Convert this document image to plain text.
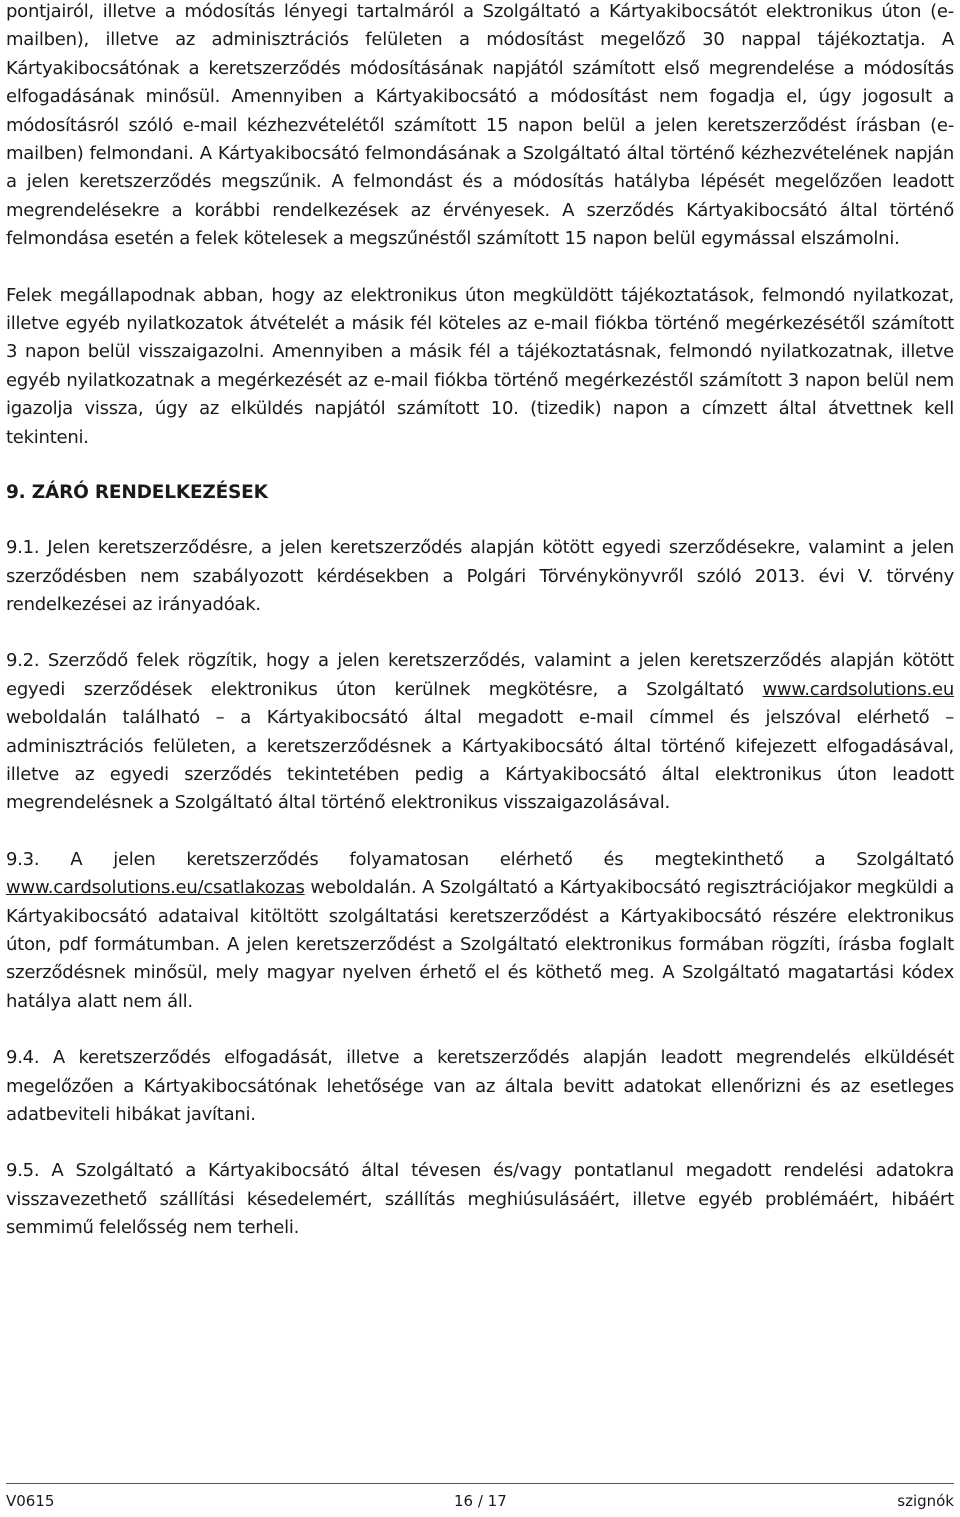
pontjairól, illetve a módosítás lényegi tartalmáról a Szolgáltató a Kártyakibocsátót elektronikus úton (e-mailben), illetve az adminisztrációs felületen a módosítást megelőző 30 nappal tájékoztatja. A Kártyakibocsátónak a keretszerződés módosításának napjától számított első megrendelése a módosítás elfogadásának minősül. Amennyiben a Kártyakibocsátó a módosítást nem fogadja el, úgy jogosult a módosításról szóló e-mail kézhezvételétől számított 15 napon belül a jelen keretszerződést írásban (e-mailben) felmondani. A Kártyakibocsátó felmondásának a Szolgáltató által történő kézhezvételének napján a jelen keretszerződés megszűnik. A felmondást és a módosítás hatályba lépését megelőzően leadott megrendelésekre a korábbi rendelkezések az érvényesek. A szerződés Kártyakibocsátó által történő felmondása esetén a felek kötelesek a megszűnéstől számított 15 napon belül egymással elszámolni.

Felek megállapodnak abban, hogy az elektronikus úton megküldött tájékoztatások, felmondó nyilatkozat, illetve egyéb nyilatkozatok átvételét a másik fél köteles az e-mail fiókba történő megérkezésétől számított 3 napon belül visszaigazolni. Amennyiben a másik fél a tájékoztatásnak, felmondó nyilatkozatnak, illetve egyéb nyilatkozatnak a megérkezését az e-mail fiókba történő megérkezéstől számított 3 napon belül nem igazolja vissza, úgy az elküldés napjától számított 10. (tizedik) napon a címzett által átvettnek kell tekinteni.

9. ZÁRÓ RENDELKEZÉSEK

9.1. Jelen keretszerződésre, a jelen keretszerződés alapján kötött egyedi szerződésekre, valamint a jelen szerződésben nem szabályozott kérdésekben a Polgári Törvénykönyvről szóló 2013. évi V. törvény rendelkezései az irányadóak.

9.2. Szerződő felek rögzítik, hogy a jelen keretszerződés, valamint a jelen keretszerződés alapján kötött egyedi szerződések elektronikus úton kerülnek megkötésre, a Szolgáltató www.cardsolutions.eu weboldalán található – a Kártyakibocsátó által megadott e-mail címmel és jelszóval elérhető – adminisztrációs felületen, a keretszerződésnek a Kártyakibocsátó által történő kifejezett elfogadásával, illetve az egyedi szerződés tekintetében pedig a Kártyakibocsátó által elektronikus úton leadott megrendelésnek a Szolgáltató által történő elektronikus visszaigazolásával.

9.3. A jelen keretszerződés folyamatosan elérhető és megtekinthető a Szolgáltató www.cardsolutions.eu/csatlakozas weboldalán. A Szolgáltató a Kártyakibocsátó regisztrációjakor megküldi a Kártyakibocsátó adataival kitöltött szolgáltatási keretszerződést a Kártyakibocsátó részére elektronikus úton, pdf formátumban. A jelen keretszerződést a Szolgáltató elektronikus formában rögzíti, írásba foglalt szerződésnek minősül, mely magyar nyelven érhető el és köthető meg. A Szolgáltató magatartási kódex hatálya alatt nem áll.

9.4. A keretszerződés elfogadását, illetve a keretszerződés alapján leadott megrendelés elküldését megelőzően a Kártyakibocsátónak lehetősége van az általa bevitt adatokat ellenőrizni és az esetleges adatbeviteli hibákat javítani.

9.5. A Szolgáltató a Kártyakibocsátó által tévesen és/vagy pontatlanul megadott rendelési adatokra visszavezethető szállítási késedelemért, szállítás meghiúsulásáért, illetve egyéb problémáért, hibáért semmimű felelősség nem terheli.

V0615	16 / 17	szignók
